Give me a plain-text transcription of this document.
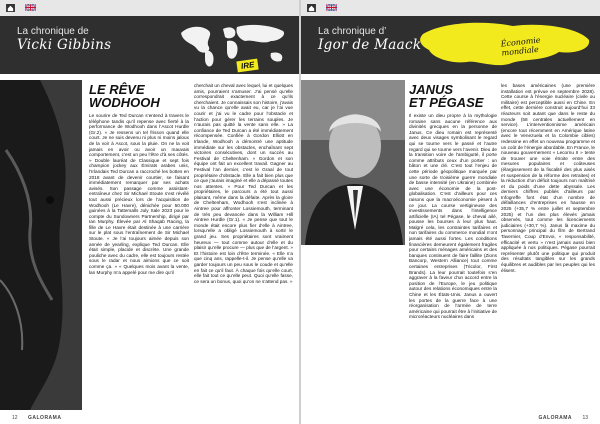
IRE
La chronique de
Vicki Gibbins
LE RÊVE
WODHOOH

Le sourire de Ted Durcan s’entend à travers le téléphone tandis qu’il repense avec fierté à la performance de Wodhooh dans l’Ascot Hurdle (Gr.2). « Je ressens un tel frisson quand elle court. Je ne suis devenu ni plus ni moins jaloux de la voir à Ascot, sous la pluie. On ne la voit jamais en avoir ou avoir un mauvais comportement, c’est un peu l’être d’à ses côtés. » Double lauréat de Classique et sept fois champion jockey aux Émirats arabes unis, l’Irlandais Ted Durcan a raccroché les bottes en 2018 avant de devenir courtier, se faisant immédiatement remarquer par ses achats avisés. Son passage comme assistant-entraîneur chez Sir Michael Stoute s’est révélé tout aussi précieux lors de l’acquisition de Wodhooh (Le Havre), dénichée pour 50.000 guinées à la Tattersalls July Sale 2023 pour le compte du Sundowners Partnership, dirigé par Ian Murphy. Élevée par Al Shaqab Racing, la fille de Le Havre était destinée à une carrière sur le plat sous l’entraînement de Sir Michael Stoute. « Je l’ai toujours aimée depuis son année de yearling, explique Ted Durcan. Elle était simple, placide et discrète. Une grande pouliche avec du cadre, elle est toujours restée sous le radar et nous aimions que ce soit comme ça. » « Quelques mois avant la vente, lan Murphy m’a appelé pour me dire qu’il

cherchait un cheval avec lequel, lui et quelques amis, pourraient s’amuser. J’ai pensé qu’elle correspondrait exactement à ce qu’ils cherchaient. Je connaissais son histoire, j’avais vu la chance qu’elle avait eu, car je l’ai vue courir et j’ai vu le cadre pour l’obstacle et l’action pour gérer les terrains souples. Je n’aurais pas quitté la vente sans elle. » La confiance de Ted Durcan a été immédiatement récompensée. Confiée à Gordon Elliott en Irlande, Wodhooh a démontré une aptitude immédiate sur les obstacles, enchaînant sept victoires consécutives, dont un succès au Festival de Cheltenham. « Gordon et son équipe ont fait un excellent travail. Gagner au Festival l’an dernier, c’est le Graal de tout propriétaire d’obstacle. Elle a fait bien plus que ce que j’aurais imaginé et elle a dépassé toutes nos attentes. » Pour Ted Durcan et les propriétaires, le parcours a été tout aussi plaisant, même dans la défaite. Après la gloire de Cheltenham, Wodhooh s’est inclinée à Aintree pour affronter Lossiemouth, terminant de très peu devancée dans la William Hill Aintree Hurdle (Gr.1). « Je pense que tout le monde était encore plus fier d’elle à Aintree, lorsqu’elle a obligé Lossiemouth à sortir le grand jeu. Ses propriétaires sont vraiment heureux — tout comme autour d’elle et du plaisir qu’elle procure — plus que de l’argent. » Et l’histoire est loin d’être terminée. « Elle n’a que cinq ans, rappelle-t-il. Je pense qu’elle va garder toujours un peu sous le coude et qu’elle en fait ce qu’il faut. À chaque fois qu’elle court, elle fait tout ce qu’elle peut. Quoi qu’elle fasse, ce sera un bonus, quoi qu’on ne s’attend pas. »

12 GALORAMA
Économie mondiale
La chronique d’
Igor de Maack
JANUS
ET PÉGASE

Il existe un dieu propre à la mythologie romaine sans aucune référence aux divinités grecques en la personne de Janus. Ce dieu romain est représenté avec deux visages symbolisant le regard qui se tourne vers le passé et l’autre regard qui se tourne vers l’avenir. Dieu de la transition voire de l’ambiguïté, il porte comme attributs ceux d’un portier : un bâton et une clé. C’est tout l’enjeu de cette période géopolitique marquée par une sorte de troisième guerre mondiale de basse intensité (en Ukraine) combinée avec une économie de la post-globalisation. C’est d’ailleurs pour ces raisons que la macroéconomie pèsent à ce jour. La course vertigineuse des investissements dans l’intelligence artificielle (IA) tel Pégase, le cheval ailé, pousse les bourses à leur plus haut. Malgré cela, les contraintes tarifaires et non tarifaires du commerce mondial n’ont jamais été aussi fortes. Les conditions financières demeurent également fragiles pour certains ménages américains et des banques continuent de faire faillite (Zions Bancorp, Western Alliance) tout comme certaines entreprises (Tricolor, First Brands). La leur pourrait toutefois s’en aggraver à la faveur d’un accord entre la position de l’Europe, le jeu politique autour des relations économiques entre la Chine et les États-Unis. Janus a ouvert les portes de la guerre face à une réorganisation de l’armée de terre américaine qui pourrait être à l’initiative de microréacteurs nucléaires dans

les bases américaines (une première installation est prévue en septembre 2028). Cette course à l’énergie nucléaire (civile ou militaire) est perceptible aussi en Chine. En effet, cette dernière construit aujourd’hui 33 réacteurs soit autant que dans le reste du monde (58 centrales actuellement en service). L’interventionnisme américain (encore tout récemment en Amérique latine avec le Venezuela et la Colombie cibles) redessine en effet un nouveau programme et un coût de l’énergie abordable. En France, le nouveau gouvernement « Lecornu II » tente de trouver une voie étroite entre des mesures populaires et coûteuses (élargissement de la fiscalité des plus aisés et suspension de la réforme des retraites) et la réduction d’un déficit toujours non maîtrisé et du poids d’une dette abyssale. Les derniers chiffres publiés d’ailleurs par Infogreffe font état d’un nombre de défaillances d’entreprises en hausse en 2025 (+35,7 % entre juillet et septembre 2025) et l’un des plus élevés jamais observés, tout comme les licenciements judiciaires (+30,7 %). Janus là maxime du personnage principal du film de Bertrand Tavernier, Coup d’Envoi, « responsabilité, efficacité et vertu » n’est jamais aussi bien appliquée à nos politiques. Pégase pourrait représenter plutôt une politique qui produit des résultats tangibles sur les grands équilibres et audibles par les peuples qui les élisent.

GALORAMA 13
